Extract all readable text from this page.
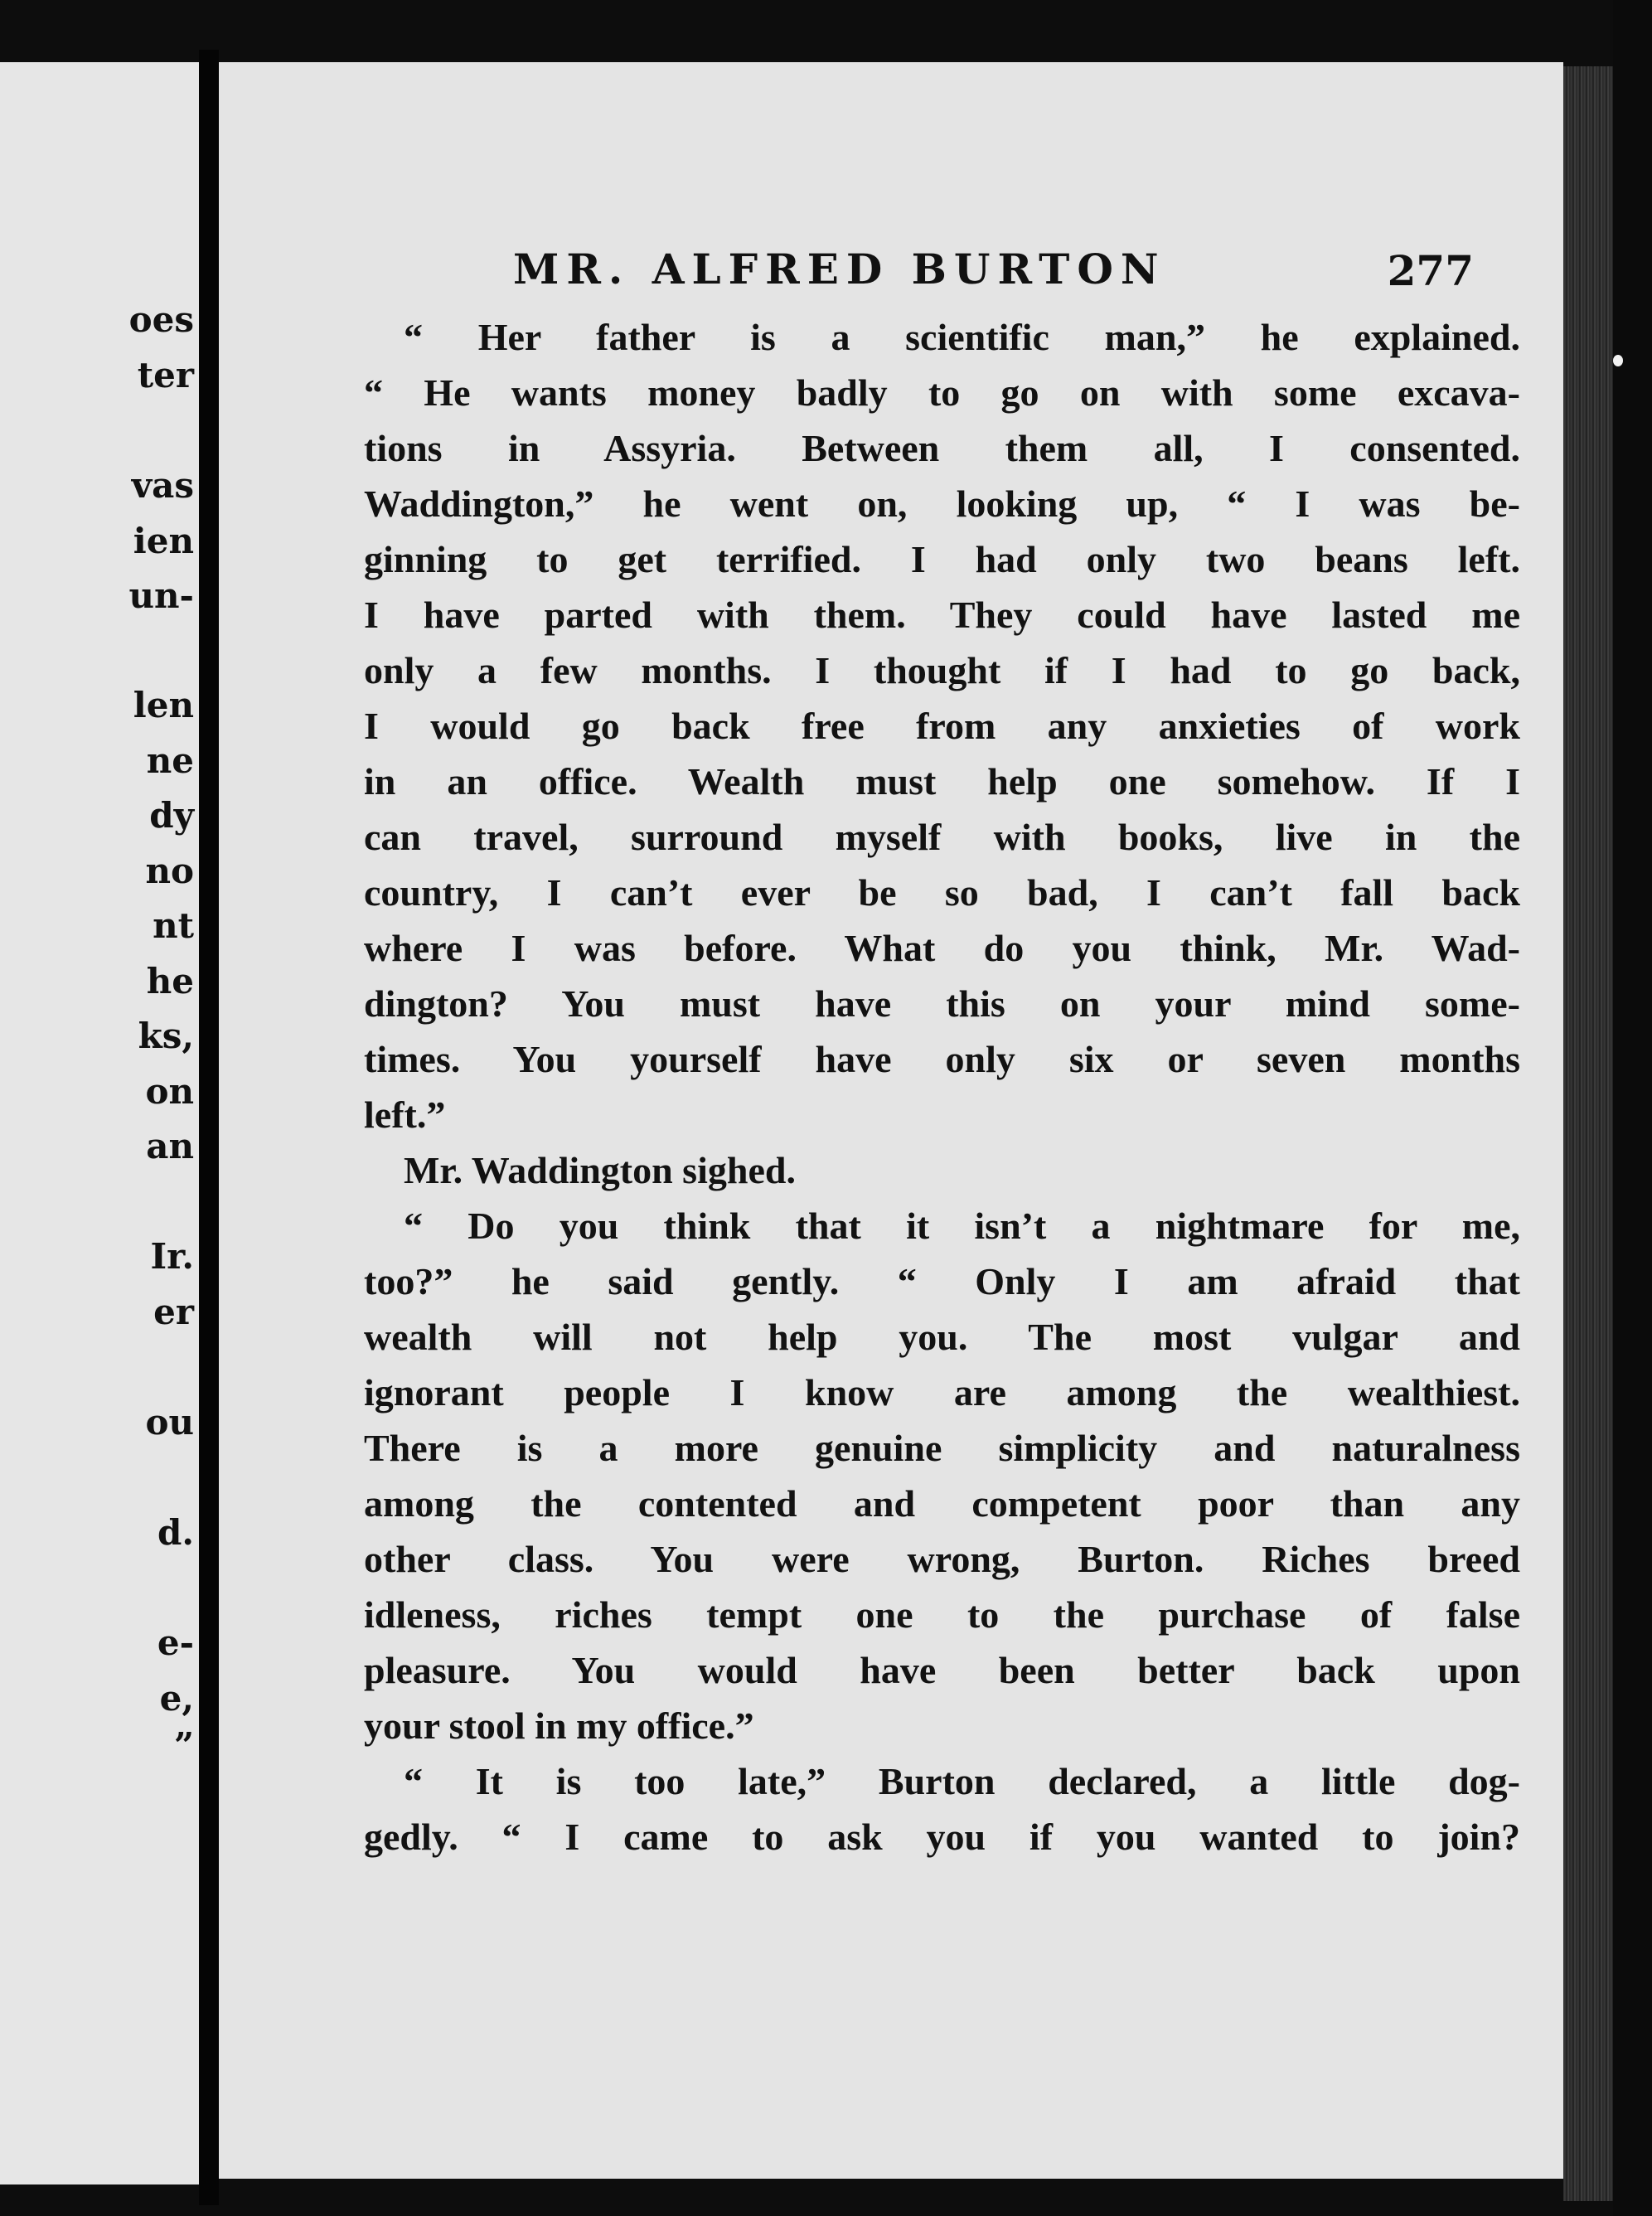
oes
ter
vas
ien
un-
len
ne
dy
no
nt
he
ks,
on
an
Ir.
er
ou
d.
e-
e,
”
MR. ALFRED BURTON	277
“ Her father is a scientific man,” he explained.
“ He wants money badly to go on with some excava-
tions in Assyria. Between them all, I consented.
Waddington,” he went on, looking up, “ I was be-
ginning to get terrified. I had only two beans left.
I have parted with them. They could have lasted me
only a few months. I thought if I had to go back,
I would go back free from any anxieties of work
in an office. Wealth must help one somehow. If I
can travel, surround myself with books, live in the
country, I can’t ever be so bad, I can’t fall back
where I was before. What do you think, Mr. Wad-
dington? You must have this on your mind some-
times. You yourself have only six or seven months
left.”
Mr. Waddington sighed.
“ Do you think that it isn’t a nightmare for me,
too?” he said gently. “ Only I am afraid that
wealth will not help you. The most vulgar and
ignorant people I know are among the wealthiest.
There is a more genuine simplicity and naturalness
among the contented and competent poor than any
other class. You were wrong, Burton. Riches breed
idleness, riches tempt one to the purchase of false
pleasure. You would have been better back upon
your stool in my office.”
“ It is too late,” Burton declared, a little dog-
gedly. “ I came to ask you if you wanted to join?
